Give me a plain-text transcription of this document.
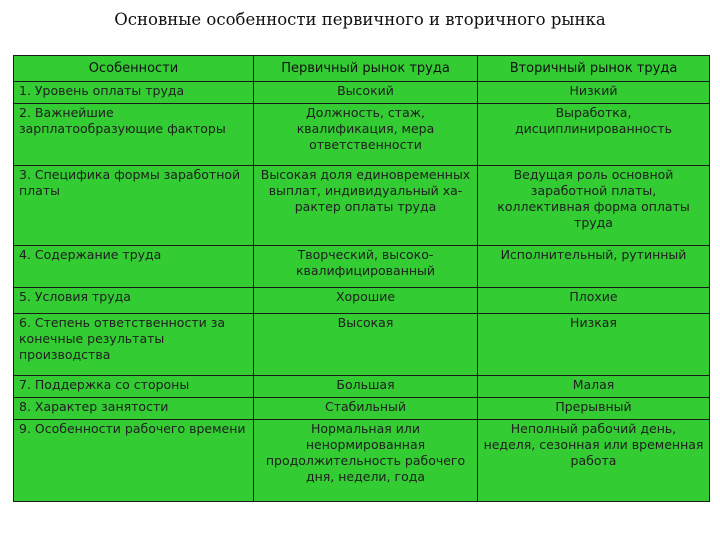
Основные особенности первичного и вторичного рынка
Особенности	Первичный рынок труда	Вторичный рынок труда
1. Уровень оплаты труда	Высокий	Низкий
2. Важнейшие зарплатообразующие факторы	Должность, стаж, квалификация, мера ответственности	Выработка, дисциплинированность
3. Специфика формы заработной платы	Высокая доля единовременных выплат, индивидуальный ха-рактер оплаты труда	Ведущая роль основной заработной платы, коллективная форма оплаты труда
4. Содержание труда	Творческий, высоко-квалифицированный	Исполнительный, рутинный
5. Условия труда	Хорошие	Плохие
6. Степень ответственности за конечные результаты производства	Высокая	Низкая
7. Поддержка со стороны	Большая	Малая
8. Характер занятости	Стабильный	Прерывный
9. Особенности рабочего времени	Нормальная или ненормированная продолжительность рабочего дня, недели, года	Неполный рабочий день, неделя, сезонная или временная работа
